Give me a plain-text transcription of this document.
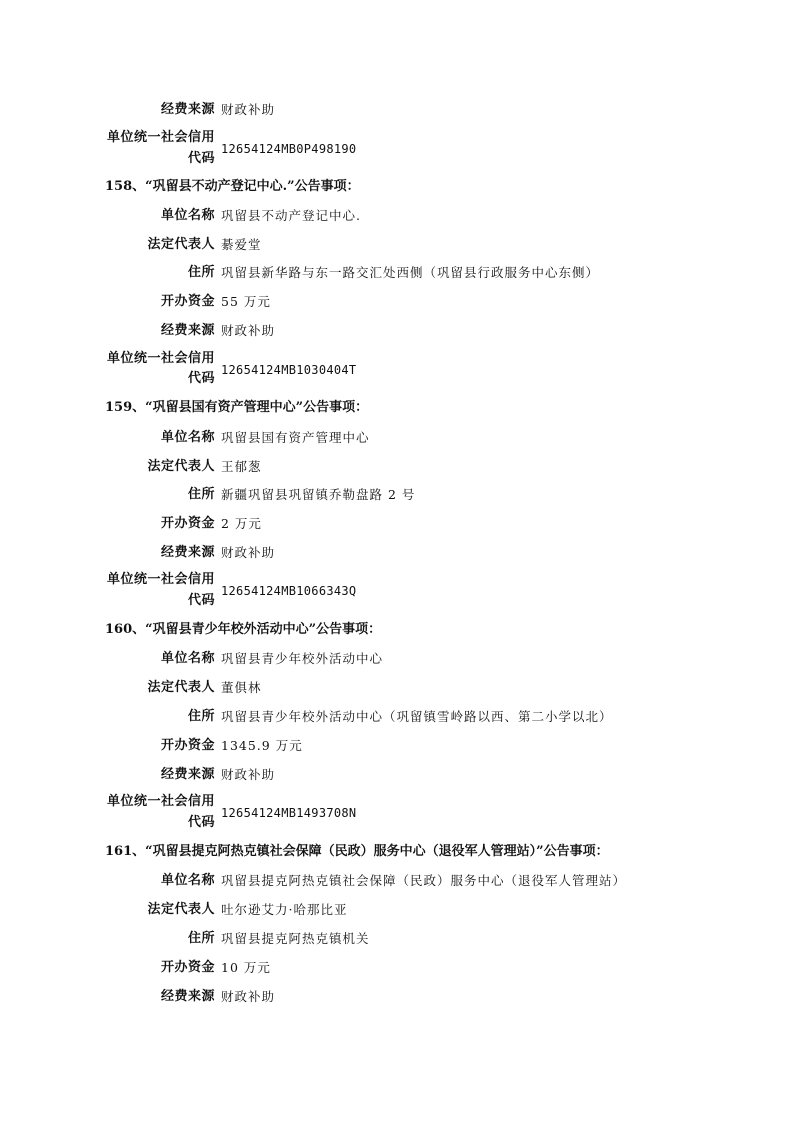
经费来源 财政补助
单位统一社会信用
代码
12654124MB0P498190
158、“巩留县不动产登记中心.”公告事项：
单位名称 巩留县不动产登记中心.
法定代表人 綦爱堂
住所 巩留县新华路与东一路交汇处西侧（巩留县行政服务中心东侧）
开办资金 55 万元
经费来源 财政补助
单位统一社会信用
代码
12654124MB1030404T
159、“巩留县国有资产管理中心”公告事项：
单位名称 巩留县国有资产管理中心
法定代表人 王郁葱
住所 新疆巩留县巩留镇乔勒盘路 2 号
开办资金 2 万元
经费来源 财政补助
单位统一社会信用
代码
12654124MB1066343Q
160、“巩留县青少年校外活动中心”公告事项：
单位名称 巩留县青少年校外活动中心
法定代表人 董俱林
住所 巩留县青少年校外活动中心（巩留镇雪岭路以西、第二小学以北）
开办资金 1345.9 万元
经费来源 财政补助
单位统一社会信用
代码
12654124MB1493708N
161、“巩留县提克阿热克镇社会保障（民政）服务中心（退役军人管理站）”公告事项：
单位名称 巩留县提克阿热克镇社会保障（民政）服务中心（退役军人管理站）
法定代表人 吐尔逊艾力·哈那比亚
住所 巩留县提克阿热克镇机关
开办资金 10 万元
经费来源 财政补助
